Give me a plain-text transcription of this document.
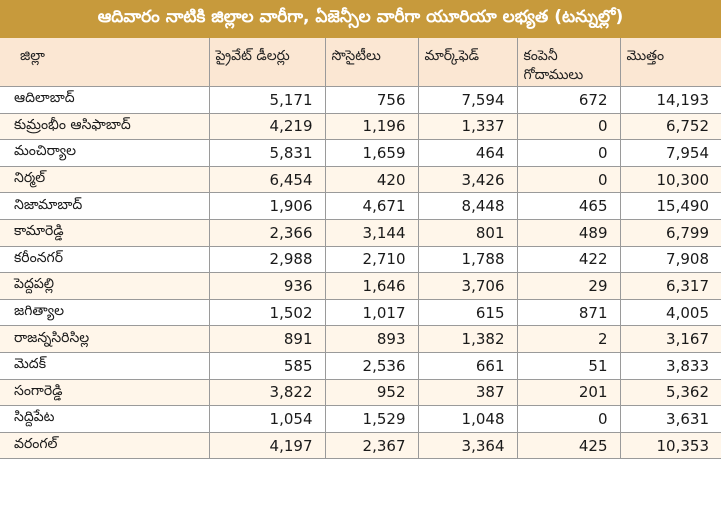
ఆదివారం నాటికి జిల్లాల వారీగా, ఏజెన్సీల వారీగా యూరియా లభ్యత (టన్నుల్లో)
జిల్లా	ప్రైవేట్ డీలర్లు	సొసైటీలు	మార్క్‌ఫెడ్	కంపెనీ గోదాములు	మొత్తం
ఆదిలాబాద్	5,171	756	7,594	672	14,193
కుమ్రంభీం ఆసిఫాబాద్	4,219	1,196	1,337	0	6,752
మంచిర్యాల	5,831	1,659	464	0	7,954
నిర్మల్	6,454	420	3,426	0	10,300
నిజామాబాద్	1,906	4,671	8,448	465	15,490
కామారెడ్డి	2,366	3,144	801	489	6,799
కరీంనగర్	2,988	2,710	1,788	422	7,908
పెద్దపల్లి	936	1,646	3,706	29	6,317
జగిత్యాల	1,502	1,017	615	871	4,005
రాజన్నసిరిసిల్ల	891	893	1,382	2	3,167
మెదక్	585	2,536	661	51	3,833
సంగారెడ్డి	3,822	952	387	201	5,362
సిద్దిపేట	1,054	1,529	1,048	0	3,631
వరంగల్	4,197	2,367	3,364	425	10,353
